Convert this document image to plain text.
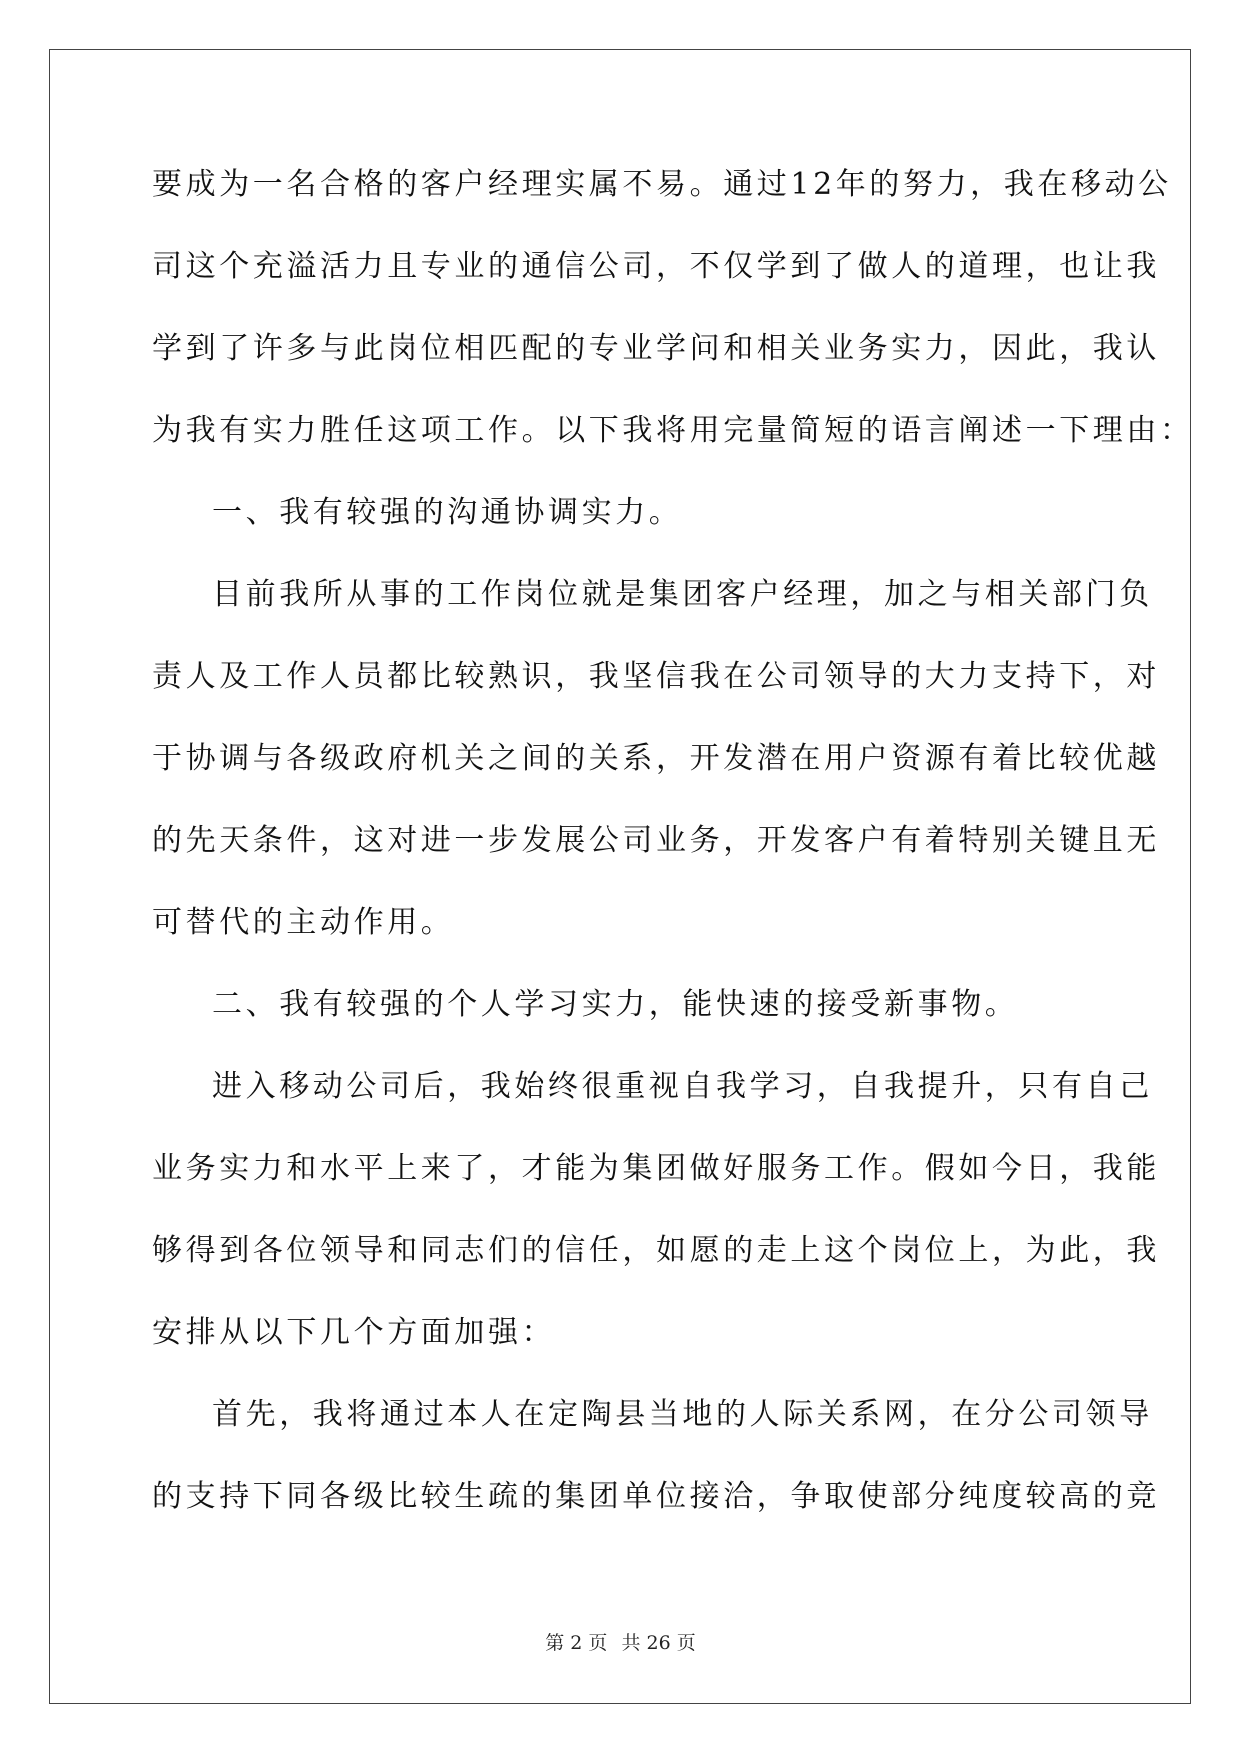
要成为一名合格的客户经理实属不易。通过12年的努力，我在移动公
司这个充溢活力且专业的通信公司，不仅学到了做人的道理，也让我
学到了许多与此岗位相匹配的专业学问和相关业务实力，因此，我认
为我有实力胜任这项工作。以下我将用完量简短的语言阐述一下理由：
一、我有较强的沟通协调实力。
目前我所从事的工作岗位就是集团客户经理，加之与相关部门负
责人及工作人员都比较熟识，我坚信我在公司领导的大力支持下，对
于协调与各级政府机关之间的关系，开发潜在用户资源有着比较优越
的先天条件，这对进一步发展公司业务，开发客户有着特别关键且无
可替代的主动作用。
二、我有较强的个人学习实力，能快速的接受新事物。
进入移动公司后，我始终很重视自我学习，自我提升，只有自己
业务实力和水平上来了，才能为集团做好服务工作。假如今日，我能
够得到各位领导和同志们的信任，如愿的走上这个岗位上，为此，我
安排从以下几个方面加强：
首先，我将通过本人在定陶县当地的人际关系网，在分公司领导
的支持下同各级比较生疏的集团单位接洽，争取使部分纯度较高的竞
第 2 页 共 26 页
